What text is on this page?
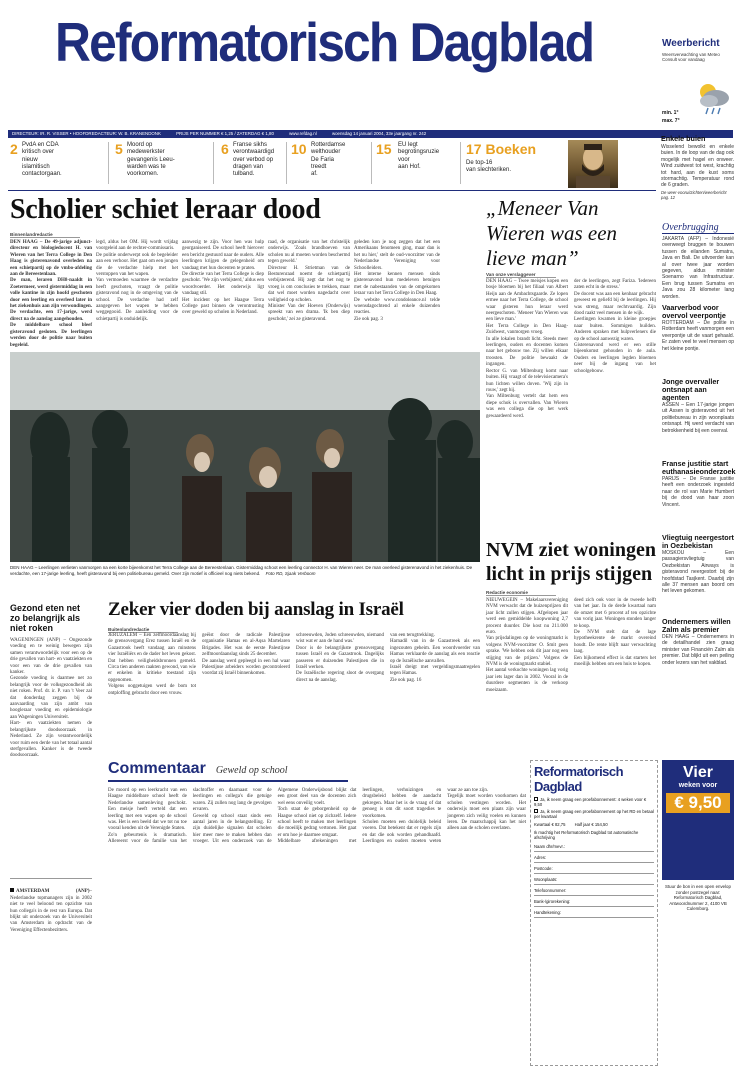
Reformatorisch Dagblad	Weerbericht
Weersverwachting van Meteo Consult voor vandaag
min. 1°
max. 7°
DIRECTEUR: IR. R. VISSER • HOOFDREDACTEUR: W. B. KRANENDONK	PRIJS PER NUMMER € 1,25 / ZATERDAG € 1,80	www.refdag.nl	woensdag 14 januari 2004, 33e jaargang nr. 242
2 PvdA en CDA
kritisch over
nieuw
islamitisch
contactorgaan.
5 Moord op
medewerkster
gevangenis Leeu-
warden was te
voorkomen.
6 Franse sikhs
verontwaardigd
over verbod op
dragen van
tulband.
10 Rotterdamse
welthouder
De Faria
treedt
af.
15 EU legt
begrotingsruzie
voor
aan Hof.
17 Boeken
De top-16
van slechteriken.
Enkele buien
Wisselend bewolkt en enkele buien. In de loop van de dag ook mogelijk met hagel en onweer. Wind zuidwest tot west, krachtig tot hard, aan de kust soms stormachtig. Temperatuur rond de 6 graden.
De weer-vooruitzichten/weerbericht pag. 12
Scholier schiet leraar dood
Binnenlandredactie
DEN HAAG – De 49-jarige adjunct-directeur en biologiedocent H. van Wieren van het Terra College in Den Haag is gisterenavond overleden na een schietpartij op de vmbo-afdeling aan de Bereestenlaan.
De man, leraren DH8-naaldt in Zoetermeer, werd gistermiddag in een volle kantine in zijn hoofd geschoten door een leerling en overleed later in het ziekenhuis aan zijn verwondingen. De verdachte, een 17-jarige, werd direct na de aanslag aangehouden.
De middelbare school bleef gisteravond gesloten. De leerlingen werden door de politie naar buiten begeleid.
legd, aldus het OM. Hij wordt vrijdag voorgeleid aan de rechter-commissaris.
De politie onderwerpt ook de begeleider aan een verhoor. Het gaat om een jongen die de verdachte hielp met het verstoppen van het wapen.
Van vermoeden waarmee de verdachte heeft geschoten, vraagt de politie gisteravond nog in de omgeving van de school. De verdachte had zelf aangegeven het wapen te hebben weggegooid. De aanleiding voor de schietpartij is onduidelijk.
aanwezig te zijn. Voor hen was hulp georganiseerd. De school heeft hierover een bericht gestuurd naar de ouders. Alle leerlingen krijgen de gelegenheid om vandaag met hun docenten te praten.
De directie van het Terra College is diep geschokt. 'We zijn verbijsterd,' aldus een woordvoerder. Het onderwijs ligt vandaag stil.
Het incident op het Haagse Terra College past binnen de verontrusting over geweld op scholen in Nederland.
raad, de organisatie van het christelijk onderwijs. 'Zoals brandhoeven van scholen nu al moeten worden beschermd tegen geweld.'
Directeur H. Strietman van de Besturenraad noemt de schietpartij verbijsterend. Hij zegt dat het nog te vroeg is om conclusies te trekken, maar dat wel moet worden nagedacht over veiligheid op scholen.
Minister Van der Hoeven (Onderwijs) spreekt van een drama. 'Ik ben diep geschokt,' zei ze gisteravond.
geleden kon je nog zeggen dat het een Amerikaans fenomeen ging, maar dan is het nu hier,' stelt de oud-voorzitter van de Nederlandse Vereniging voor Schoolleiders.
Het interne kennen mensen sinds gisterenavond hun medeleven betuigen met de nabestaanden van de omgekomen leraar van het Terra College in Den Haag.
De website www.condoleance.nl telde woensdagochtend al enkele duizenden reacties.
Zie ook pag. 3
„Meneer Van Wieren was een lieve man”
Van onze verslaggever
DEN HAAG – Twee meisjes kopen een bosje bloemen bij het filiaal van Albert Heijn aan de Ambachtsgaarde. Ze lopen ermee naar het Terra College, de school waar gisteren hun leraar werd neergeschoten. 'Meneer Van Wieren was een lieve man.'
Het Terra College in Den Haag-Zuidwest, vanmorgen vroeg.
In alle lokalen brandt licht. Steeds meer leerlingen, ouders en docenten komen naar het gebouw toe. Zij willen elkaar troosten. De politie bewaakt de ingangen.
Rector G. van Miltenburg komt naar buiten. Hij vraagt of de televisiecamera's hun lichten willen doven. 'Wij zijn in rouw,' zegt hij.
Van Miltenburg vertelt dat hem een diepe schok is overvallen. Van Wieren was een collega die op het werk gewaardeerd werd.
der de leerlingen, zegt Fariza. 'Iedereen zaten echt in de stress.'
De docent was aan een kenbaar gebracht geweest en geliefd bij de leerlingen. Hij was streng, maar rechtvaardig. Zijn dood raakt veel mensen in de wijk.
Leerlingen kwamen in kleine groepjes naar buiten. Sommigen huilden. Anderen spraken met hulpverleners die op de school aanwezig waren.
Gisterenavond werd er een stille bijeenkomst gehouden in de aula. Ouders en leerlingen legden bloemen neer bij de ingang van het schoolgebouw.
DEN HAAG – Leerlingen verlieten vanmorgen na een korte bijeenkomst het Terra College aan de Bereestenlaan. Gistermiddag schoot een leerling connector H. van Wieren neer. De man overleed gisterenavond in het ziekenhuis. De verdachte, een 17-jarige leerling, heeft gisteravond bij een politiebureau gemeld. Over zijn motief is officieel nog niets bekend. Foto RD, Sjaak Verboom
NVM ziet woningen licht in prijs stijgen
Redactie economie
NIEUWEGEIN – Makelaarsvereniging NVM verwacht dat de huizenprijzen dit jaar licht zullen stijgen. Afgelopen jaar werd een gemiddelde koopwoning 2,7 procent duurder. Die kost nu 211.000 euro.
Van prijsdalingen op de woningmarkt is volgens NVM-voorzitter O. Smit geen sprake. 'We hebben ook dit jaar nog een stijging van de prijzen.' Volgens de NVM is de woningmarkt stabiel.
Het aantal verkochte woningen lag vorig jaar iets lager dan in 2002. Vooral in de duurdere segmenten is de verkoop moeizaam.
deed zich ook voor in de tweede helft van het jaar. In de derde kwartaal nam de omzet met 6 procent af ten opzichte van vorig jaar. Woningen stonden langer te koop.
De NVM stelt dat de lage hypotheekrente de markt overeind houdt. De rente blijft naar verwachting laag.
Een bijkomend effect is dat starters het moeilijk hebben om een huis te kopen.
Gezond eten net zo belangrijk als niet roken
WAGENINGEN (ANP) – Ongezonde voeding en te weinig bewegen zijn samen verantwoordelijk voor een op de drie gevallen van hart- en vaatziekten en voor een van de drie gevallen van kanker.
Gezonde voeding is daarmee net zo belangrijk voor de volksgezondheid als niet roken. Prof. dr. ir. P. van 't Veer zal dat donderdag zeggen bij de aanvaarding van zijn ambt van hoogleraar voeding en epidemiologie aan Wageningen Universiteit.
Hart- en vaatziekten nemen de belangrijkste doodsoorzaak in Nederland. Ze zijn verantwoordelijk voor ruim een derde van het totaal aantal sterfgevallen. Kanker is de tweede doodsoorzaak.

AMSTERDAM (ANP)– Nederlandse topmanagers zijn in 2002 niet te veel beloond ten opzichte van hun collega's in de rest van Europa. Dat blijkt uit onderzoek van de Universiteit van Amsterdam in opdracht van de Vereniging Effectenbezitters.

Zeker vier doden bij aanslag in Israël
Buitenlandredactie
JERUZALEM – Een zelfmoordaanslag bij de grensovergang Erez tussen Israël en de Gazastrook heeft vandaag aan minstens vier Israëliërs en de dader het leven gekost. Dat hebben veiligheidsbronnen gemeld. Circa tien anderen raakten gewond, van wie er enkelen in kritieke toestand zijn opgenomen.
Volgens ooggetuigen werd de bom tot ontploffing gebracht door een vrouw.
geëist door de radicale Palestijnse organisatie Hamas en al-Aqsa Martelaren Brigades. Het was de eerste Palestijnse zelfmoordaanslag sinds 25 december.
De aanslag werd gepleegd in een hal waar Palestijnse arbeiders worden gecontroleerd voordat zij Israël binnenkomen.
schreeuwden, Joden schreeuwden, niemand wist wat er aan de hand was.'
Door is de belangrijkste grensovergang tussen Israël en de Gazastrook. Dagelijks passeren er duizenden Palestijnen die in Israël werken.
De Israëlische regering sloot de overgang direct na de aanslag.
van een terugtrekking.
Harnadil van in de Gazastreek als een ingezouten geheim. Een woordvoerder van Hamas verklaarde de aanslag als een reactie op de Israëlische aanvallen.
Israël dreigt met vergeldingsmaatregelen tegen Hamas.
Zie ook pag. 16
Commentaar Geweld op school
De moord op een leerkracht van een Haagse middelbare school heeft de Nederlandse samenleving geschokt. Een meisje heeft verteld dat een leerling met een wapen op de school was. Het is een beeld dat we tot nu toe vooral kenden uit de Verenigde Staten.
Zo'n gebeurtenis is dramatisch. Allereerst voor de familie van het slachtoffer en daarnaast voor de leerlingen en collega's die getuige waren. Zij zullen nog lang de gevolgen ervaren.
Geweld op school staat sinds een aantal jaren in de belangstelling. Er zijn duidelijke signalen dat scholen hier meer mee te maken hebben dan vroeger. Uit een onderzoek van de Algemene Onderwijsbond blijkt dat een groot deel van de docenten zich wel eens onveilig voelt.
Toch staat de geborgenheid op de Haagse school niet op zichzelf. Iedere school heeft te maken met leerlingen die moeilijk gedrag vertonen. Het gaat er om hoe je daarmee omgaat.
Middelbare afrekeningen met leerlingen, verhuizingen en drugsbeleid hebben de aandacht gekregen. Maar het is de vraag of dat genoeg is om dit soort tragedies te voorkomen.
Scholen moeten een duidelijk beleid voeren. Dat betekent dat er regels zijn en dat die ook worden gehandhaafd. Leerlingen en ouders moeten weten waar ze aan toe zijn.
Tegelijk moet worden voorkomen dat scholen vestingen worden. Het onderwijs moet een plaats zijn waar jongeren zich veilig voelen en kunnen leren. De maatschappij kan het niet alleen aan de scholen overlaten.
Reformatorisch Dagblad
Ja, ik neem graag een proefabonnement: 4 weken voor € 9,50
Ja, ik neem graag een proefabonnement op het RD en betaal per kwartaal
Kwartaal € 82,75 Half jaar € 154,50
Ik machtig het Reformatorisch Dagblad tot automatische afschrijving
Naam dhr/mevr.:
Adres:
Postcode:
Woonplaats:
Telefoonnummer:
Bank-/girorekening:
Handtekening:
Vier
weken voor
€ 9,50
Stuur de bon in een open envelop zonder postzegel naar: Reformatorisch Dagblad, Antwoordnummer 2, 4100 VB Culemborg.
Overbrugging
JAKARTA (AFP) – Indonesië overweegt bruggen te bouwen tussen de eilanden Sumatra, Java en Bali. De uitvoerder kan al over twee jaar worden gegeven, aldus minister Soenarno van Infrastructuur. Een brug tussen Sumatra en Java zou 28 kilometer lang worden.
Vaarverbod voor overvol veerpontje
ROTTERDAM – De politie in Rotterdam heeft vanmorgen een veerpontje uit de vaart gehaald. Er zaten veel te veel mensen op het kleine pontje.
Jonge overvaller ontsnapt aan agenten
ASSEN – Een 17-jarige jongen uit Assen is gisteravond uit het politiebureau in zijn woonplaats ontsnapt. Hij werd verdacht van betrokkenheid bij een overval.
Franse justitie start euthanasieonderzoek
PARIJS – De Franse justitie heeft een onderzoek ingesteld naar de rol van Marie Humbert bij de dood van haar zoon Vincent.
Vliegtuig neergestort in Oezbekistan
MOSKOU – Een passagiersvliegtuig van Oezbekistan Airways is gisteravond neergestort bij de hoofdstad Tasjkent. Daarbij zijn alle 37 mensen aan boord om het leven gekomen.
Ondernemers willen Zalm als premier
DEN HAAG – Ondernemers in de detailhandel zien graag minister van Financiën Zalm als premier. Dat blijkt uit een peiling onder lezers van het vakblad.
